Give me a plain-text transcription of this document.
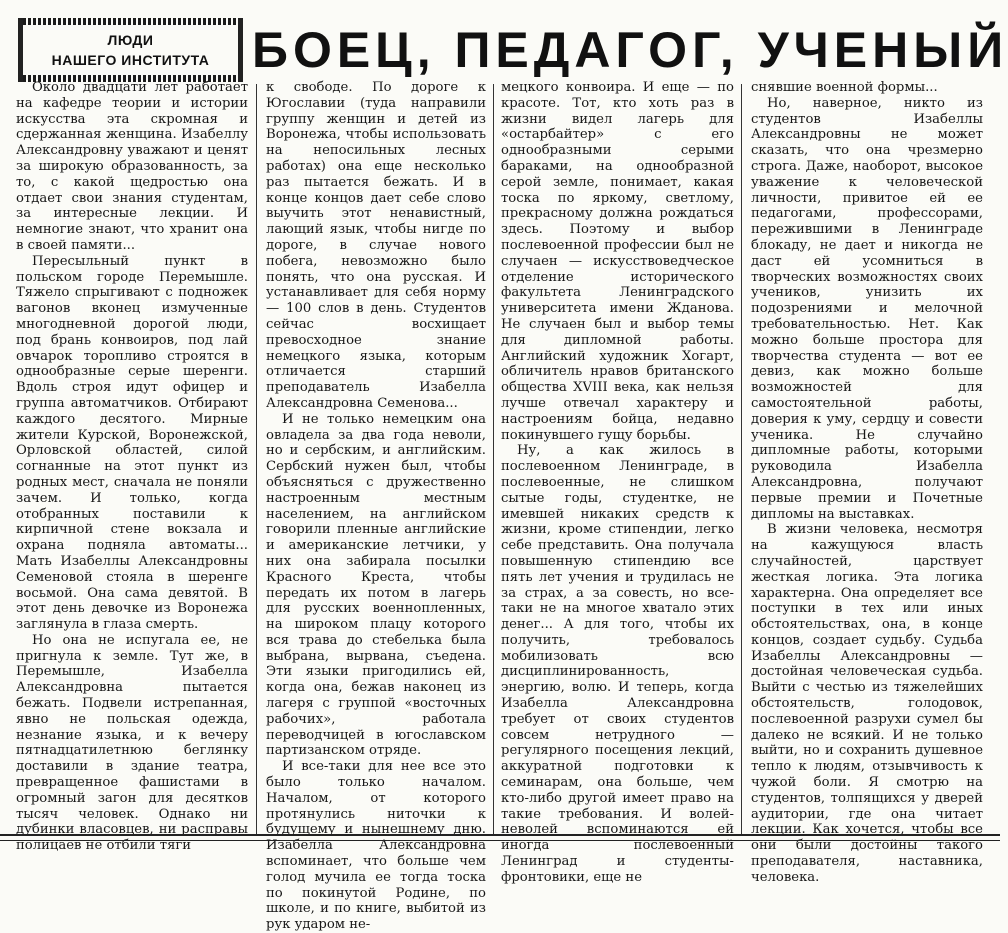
ЛЮДИ
НАШЕГО ИНСТИТУТА БОЕЦ, ПЕДАГОГ, УЧЕНЫЙ

Около двадцати лет работает на кафедре теории и истории искусства эта скромная и сдержанная женщина. Изабеллу Александровну уважают и ценят за широкую образованность, за то, с какой щедростью она отдает свои знания студентам, за интересные лекции. И немногие знают, что хранит она в своей памяти...

Пересыльный пункт в польском городе Перемышле. Тяжело спрыгивают с подножек вагонов вконец измученные многодневной дорогой люди, под брань конвоиров, под лай овчарок торопливо строятся в однообразные серые шеренги. Вдоль строя идут офицер и группа автоматчиков. Отбирают каждого десятого. Мирные жители Курской, Воронежской, Орловской областей, силой согнанные на этот пункт из родных мест, сначала не поняли зачем. И только, когда отобранных поставили к кирпичной стене вокзала и охрана подняла автоматы... Мать Изабеллы Александровны Семеновой стояла в шеренге восьмой. Она сама девятой. В этот день девочке из Воронежа заглянула в глаза смерть.

Но она не испугала ее, не пригнула к земле. Тут же, в Перемышле, Изабелла Александровна пытается бежать. Подвели истрепанная, явно не польская одежда, незнание языка, и к вечеру пятнадцатилетнюю беглянку доставили в здание театра, превращенное фашистами в огромный загон для десятков тысяч человек. Однако ни дубинки власовцев, ни расправы полицаев не отбили тяги

к свободе. По дороге к Югославии (туда направили группу женщин и детей из Воронежа, чтобы использовать на непосильных лесных работах) она еще несколько раз пытается бежать. И в конце концов дает себе слово выучить этот ненавистный, лающий язык, чтобы нигде по дороге, в случае нового побега, невозможно было понять, что она русская. И устанавливает для себя норму — 100 слов в день. Студентов сейчас восхищает превосходное знание немецкого языка, которым отличается старший преподаватель Изабелла Александровна Семенова...

И не только немецким она овладела за два года неволи, но и сербским, и английским. Сербский нужен был, чтобы объясняться с дружественно настроенным местным населением, на английском говорили пленные английские и американские летчики, у них она забирала посылки Красного Креста, чтобы передать их потом в лагерь для русских военнопленных, на широком плацу которого вся трава до стебелька была выбрана, вырвана, съедена. Эти языки пригодились ей, когда она, бежав наконец из лагеря с группой «восточных рабочих», работала переводчицей в югославском партизанском отряде.

И все-таки для нее все это было только началом. Началом, от которого протянулись ниточки к будущему и нынешнему дню. Изабелла Александровна вспоминает, что больше чем голод мучила ее тогда тоска по покинутой Родине, по школе, и по книге, выбитой из рук ударом не-

мецкого конвоира. И еще — по красоте. Тот, кто хоть раз в жизни видел лагерь для «остарбайтер» с его однообразными серыми бараками, на однообразной серой земле, понимает, какая тоска по яркому, светлому, прекрасному должна рождаться здесь. Поэтому и выбор послевоенной профессии был не случаен — искусствоведческое отделение исторического факультета Ленинградского университета имени Жданова. Не случаен был и выбор темы для дипломной работы. Английский художник Хогарт, обличитель нравов британского общества XVIII века, как нельзя лучше отвечал характеру и настроениям бойца, недавно покинувшего гущу борьбы.

Ну, а как жилось в послевоенном Ленинграде, в послевоенные, не слишком сытые годы, студентке, не имевшей никаких средств к жизни, кроме стипендии, легко себе представить. Она получала повышенную стипендию все пять лет учения и трудилась не за страх, а за совесть, но все-таки не на многое хватало этих денег... А для того, чтобы их получить, требовалось мобилизовать всю дисциплинированность, энергию, волю. И теперь, когда Изабелла Александровна требует от своих студентов совсем нетрудного — регулярного посещения лекций, аккуратной подготовки к семинарам, она больше, чем кто-либо другой имеет право на такие требования. И волей-неволей вспоминаются ей иногда послевоенный Ленинград и студенты-фронтовики, еще не

снявшие военной формы...

Но, наверное, никто из студентов Изабеллы Александровны не может сказать, что она чрезмерно строга. Даже, наоборот, высокое уважение к человеческой личности, привитое ей ее педагогами, профессорами, пережившими в Ленинграде блокаду, не дает и никогда не даст ей усомниться в творческих возможностях своих учеников, унизить их подозрениями и мелочной требовательностью. Нет. Как можно больше простора для творчества студента — вот ее девиз, как можно больше возможностей для самостоятельной работы, доверия к уму, сердцу и совести ученика. Не случайно дипломные работы, которыми руководила Изабелла Александровна, получают первые премии и Почетные дипломы на выставках.

В жизни человека, несмотря на кажущуюся власть случайностей, царствует жесткая логика. Эта логика характерна. Она определяет все поступки в тех или иных обстоятельствах, она, в конце концов, создает судьбу. Судьба Изабеллы Александровны — достойная человеческая судьба. Выйти с честью из тяжелейших обстоятельств, голодовок, послевоенной разрухи сумел бы далеко не всякий. И не только выйти, но и сохранить душевное тепло к людям, отзывчивость к чужой боли. Я смотрю на студентов, толпящихся у дверей аудитории, где она читает лекции. Как хочется, чтобы все они были достойны такого преподавателя, наставника, человека.
